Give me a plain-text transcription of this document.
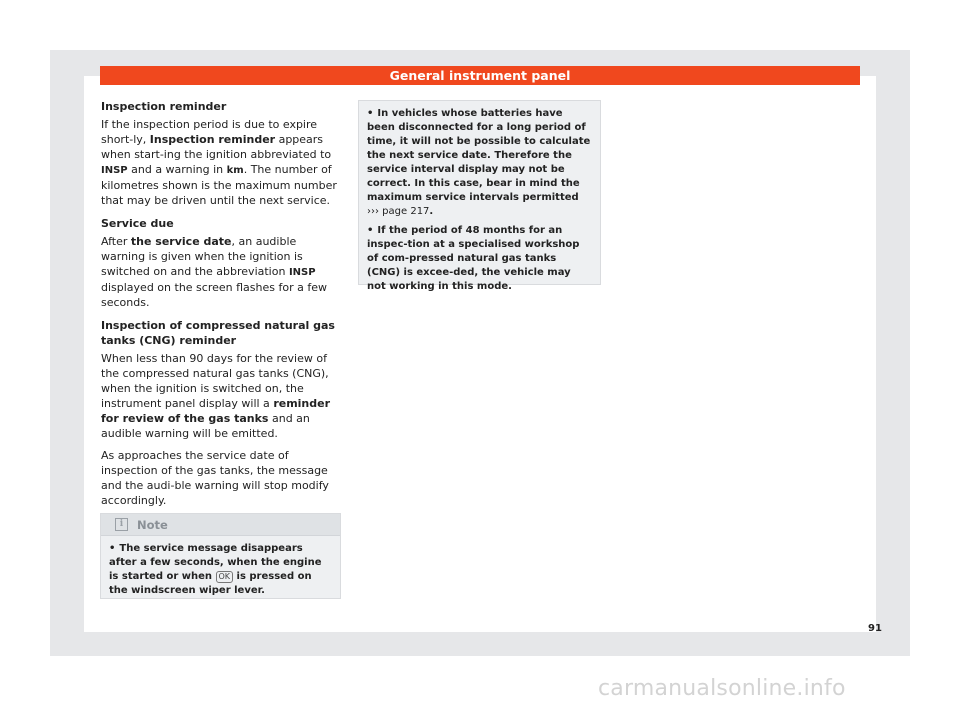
General instrument panel
Inspection reminder

If the inspection period is due to expire short-ly, Inspection reminder appears when start-ing the ignition abbreviated to INSP and a warning in km. The number of kilometres shown is the maximum number that may be driven until the next service.

Service due

After the service date, an audible warning is given when the ignition is switched on and the abbreviation INSP displayed on the screen flashes for a few seconds.

Inspection of compressed natural gas tanks (CNG) reminder

When less than 90 days for the review of the compressed natural gas tanks (CNG), when the ignition is switched on, the instrument panel display will a reminder for review of the gas tanks and an audible warning will be emitted.

As approaches the service date of inspection of the gas tanks, the message and the audi-ble warning will stop modify accordingly.

i	Note
• The service message disappears after a few seconds, when the engine is started or when OK is pressed on the windscreen wiper lever.

• In vehicles whose batteries have been disconnected for a long period of time, it will not be possible to calculate the next service date. Therefore the service interval display may not be correct. In this case, bear in mind the maximum service intervals permitted ››› page 217.

• If the period of 48 months for an inspec-tion at a specialised workshop of com-pressed natural gas tanks (CNG) is excee-ded, the vehicle may not working in this mode.

91
carmanualsonline.info
